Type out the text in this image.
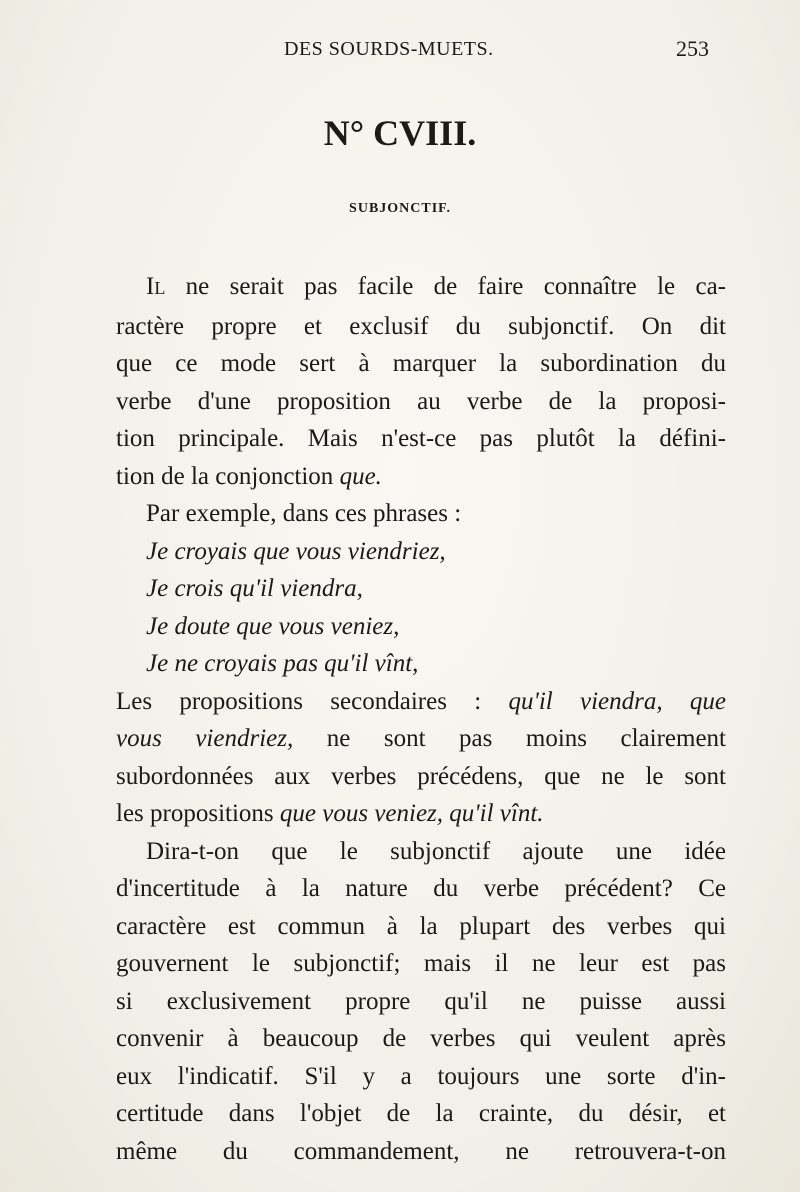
DES SOURDS-MUETS.	253
N° CVIII.
SUBJONCTIF.
IL ne serait pas facile de faire connaître le ca-
ractère propre et exclusif du subjonctif. On dit
que ce mode sert à marquer la subordination du
verbe d'une proposition au verbe de la proposi-
tion principale. Mais n'est-ce pas plutôt la défini-
tion de la conjonction que.
Par exemple, dans ces phrases :
Je croyais que vous viendriez,
Je crois qu'il viendra,
Je doute que vous veniez,
Je ne croyais pas qu'il vînt,
Les propositions secondaires : qu'il viendra, que
vous viendriez, ne sont pas moins clairement
subordonnées aux verbes précédens, que ne le sont
les propositions que vous veniez, qu'il vînt.
Dira-t-on que le subjonctif ajoute une idée
d'incertitude à la nature du verbe précédent? Ce
caractère est commun à la plupart des verbes qui
gouvernent le subjonctif; mais il ne leur est pas
si exclusivement propre qu'il ne puisse aussi
convenir à beaucoup de verbes qui veulent après
eux l'indicatif. S'il y a toujours une sorte d'in-
certitude dans l'objet de la crainte, du désir, et
même du commandement, ne retrouvera-t-on
